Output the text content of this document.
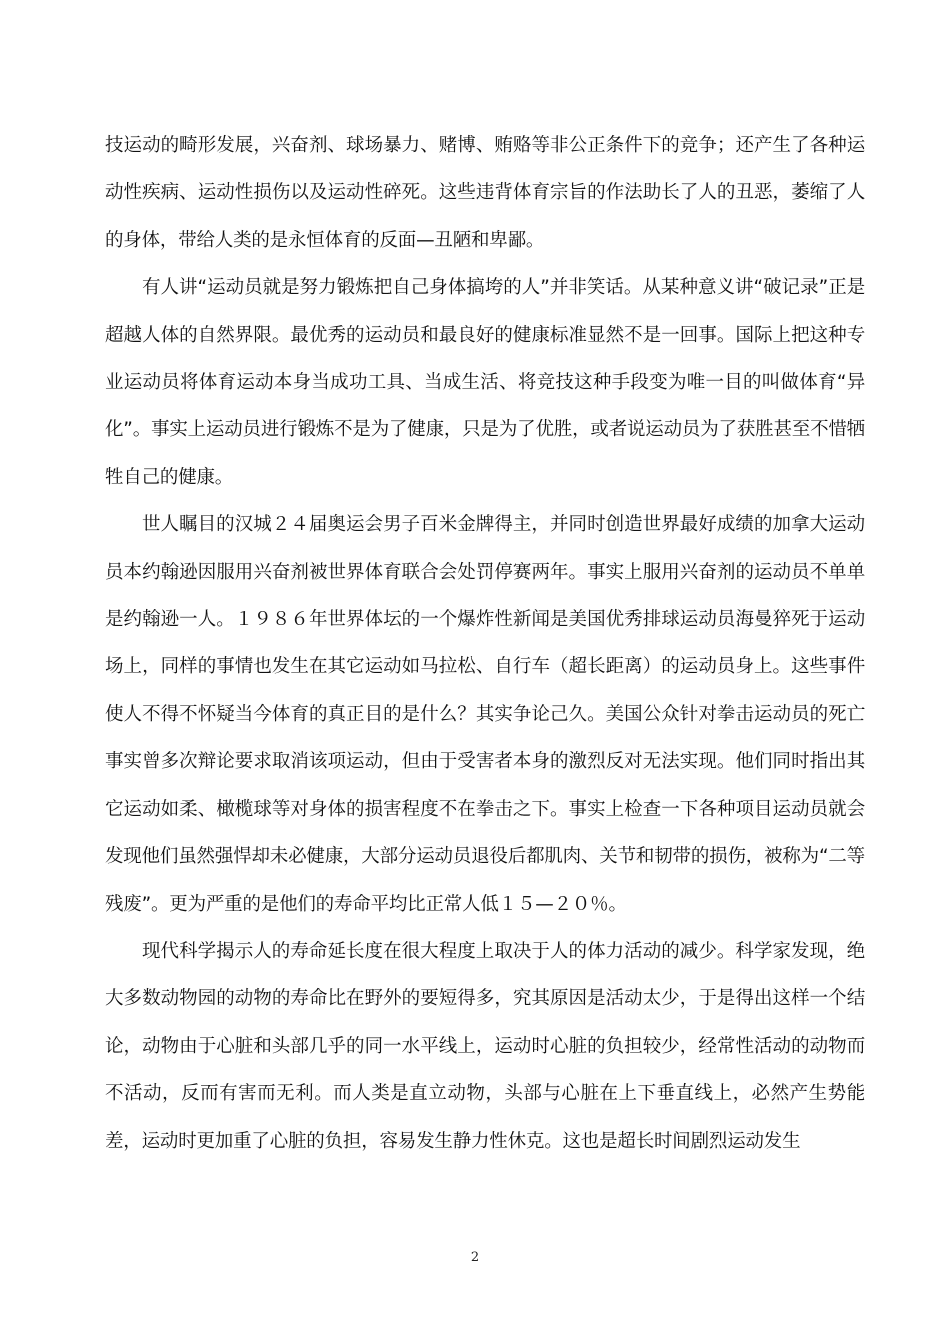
技运动的畸形发展，兴奋剂、球场暴力、赌博、贿赂等非公正条件下的竞争；还产生了各种运动性疾病、运动性损伤以及运动性碎死。这些违背体育宗旨的作法助长了人的丑恶，萎缩了人的身体，带给人类的是永恒体育的反面—丑陋和卑鄙。

有人讲“运动员就是努力锻炼把自己身体搞垮的人”并非笑话。从某种意义讲“破记录”正是超越人体的自然界限。最优秀的运动员和最良好的健康标准显然不是一回事。国际上把这种专业运动员将体育运动本身当成功工具、当成生活、将竞技这种手段变为唯一目的叫做体育“异化”。事实上运动员进行锻炼不是为了健康，只是为了优胜，或者说运动员为了获胜甚至不惜牺牲自己的健康。

世人瞩目的汉城２４届奥运会男子百米金牌得主，并同时创造世界最好成绩的加拿大运动员本约翰逊因服用兴奋剂被世界体育联合会处罚停赛两年。事实上服用兴奋剂的运动员不单单是约翰逊一人。１９８６年世界体坛的一个爆炸性新闻是美国优秀排球运动员海曼猝死于运动场上，同样的事情也发生在其它运动如马拉松、自行车（超长距离）的运动员身上。这些事件使人不得不怀疑当今体育的真正目的是什么？其实争论己久。美国公众针对拳击运动员的死亡事实曾多次辩论要求取消该项运动，但由于受害者本身的激烈反对无法实现。他们同时指出其它运动如柔、橄榄球等对身体的损害程度不在拳击之下。事实上检查一下各种项目运动员就会发现他们虽然强悍却未必健康，大部分运动员退役后都肌肉、关节和韧带的损伤，被称为“二等残废”。更为严重的是他们的寿命平均比正常人低１５—２０％。

现代科学揭示人的寿命延长度在很大程度上取决于人的体力活动的减少。科学家发现，绝大多数动物园的动物的寿命比在野外的要短得多，究其原因是活动太少，于是得出这样一个结论，动物由于心脏和头部几乎的同一水平线上，运动时心脏的负担较少，经常性活动的动物而不活动，反而有害而无利。而人类是直立动物，头部与心脏在上下垂直线上，必然产生势能差，运动时更加重了心脏的负担，容易发生静力性休克。这也是超长时间剧烈运动发生

2
